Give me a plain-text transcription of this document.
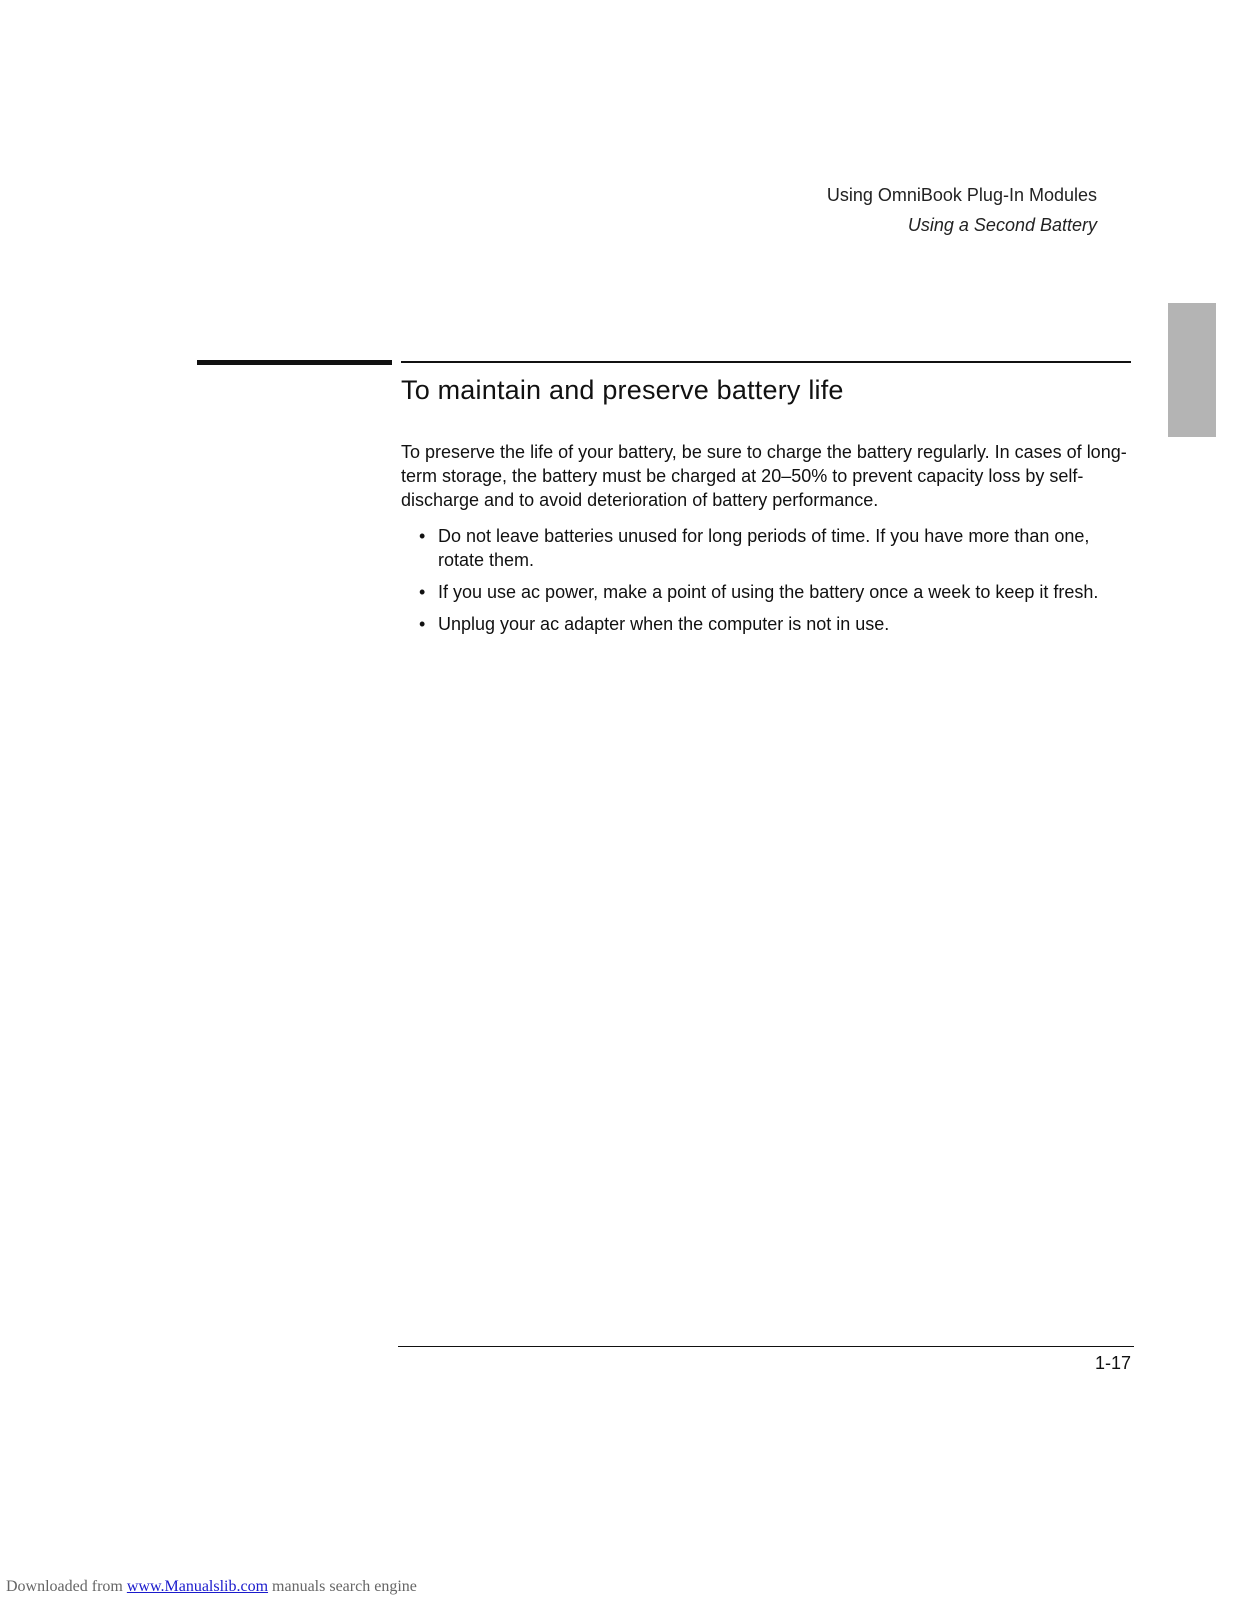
Using OmniBook Plug-In Modules
Using a Second Battery
To maintain and preserve battery life

To preserve the life of your battery, be sure to charge the battery regularly. In cases of long-term storage, the battery must be charged at 20–50% to prevent capacity loss by self-discharge and to avoid deterioration of battery performance.

• Do not leave batteries unused for long periods of time. If you have more than one, rotate them.
• If you use ac power, make a point of using the battery once a week to keep it fresh.
• Unplug your ac adapter when the computer is not in use.
1-17
Downloaded from www.Manualslib.com manuals search engine
